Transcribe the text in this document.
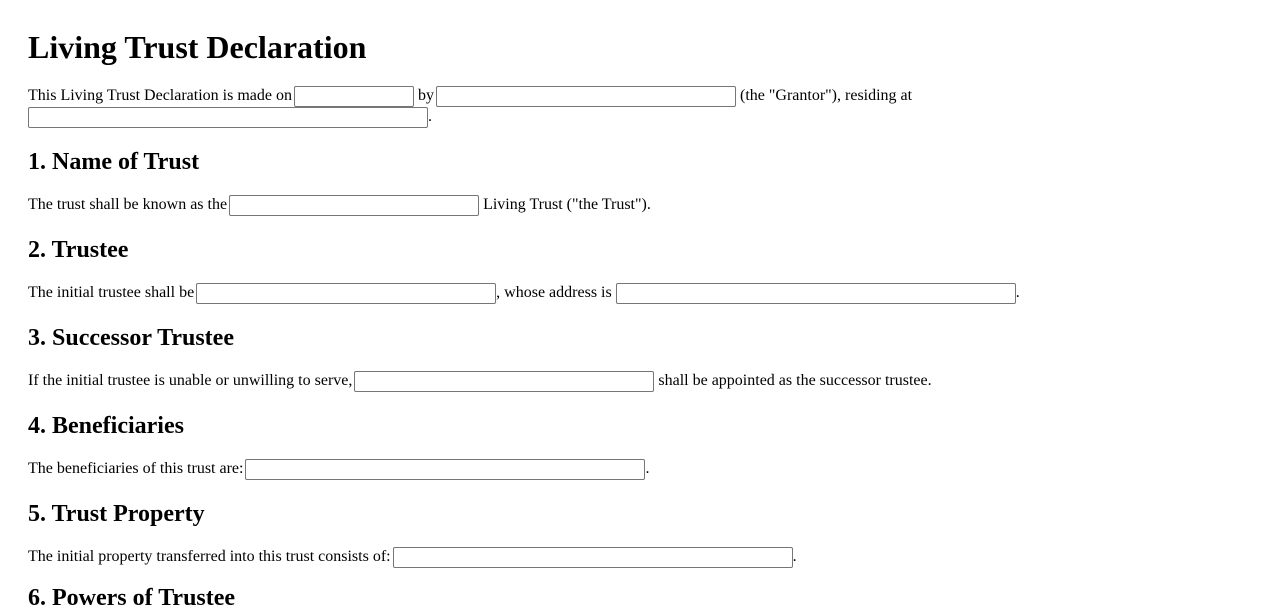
Living Trust Declaration
This Living Trust Declaration is made on	by	(the "Grantor"), residing at
.
1. Name of Trust
The trust shall be known as the	Living Trust ("the Trust").
2. Trustee
The initial trustee shall be	, whose address is	.
3. Successor Trustee
If the initial trustee is unable or unwilling to serve,	shall be appointed as the successor trustee.
4. Beneficiaries
The beneficiaries of this trust are:	.
5. Trust Property
The initial property transferred into this trust consists of:	.
6. Powers of Trustee
